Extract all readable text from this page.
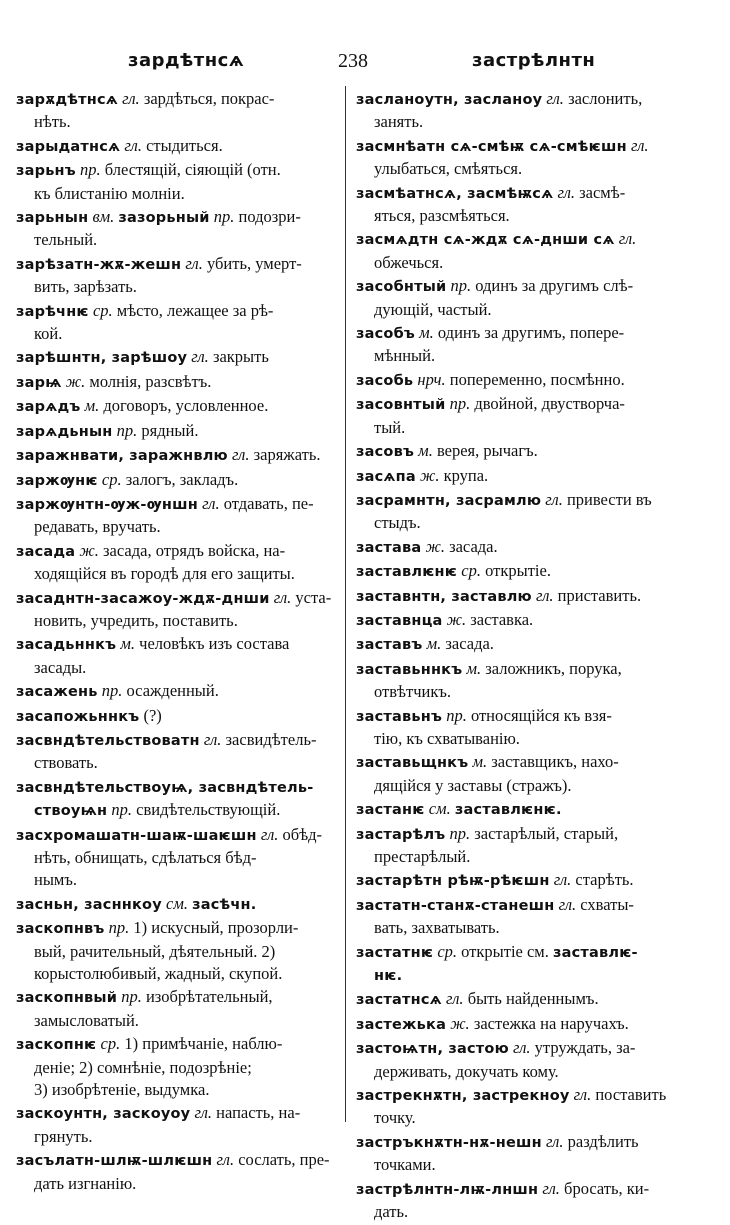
зардѣтнсѧ	238	застрѣлнтн
зарѫдѣтнсѧ гл. зардѣться, покрас-
нѣть.
зарыдатнсѧ гл. стыдиться.
зарьнъ пр. блестящій, сіяющій (отн.
къ блистанію молніи.
зарьнын вм. зазорьный пр. подозри-
тельный.
зарѣзатн-жѫ-жешн гл. убить, умерт-
вить, зарѣзать.
зарѣчнѥ ср. мѣсто, лежащее за рѣ-
кой.
зарѣшнтн, зарѣшоу гл. закрыть
зарѩ ж. молнія, разсвѣтъ.
зарѧдъ м. договоръ, условленное.
зарѧдьнын пр. рядный.
заражнвати, заражнвлю гл. заряжать.
заржѹнѥ ср. залогъ, закладъ.
заржѹнтн-ѹж-ѹншн гл. отдавать, пе-
редавать, вручать.
засада ж. засада, отрядъ войска, на-
ходящійся въ городѣ для его защиты.
засаднтн-засажоу-ждѫ-днши гл. уста-
новить, учредить, поставить.
засадьннкъ м. человѣкъ изъ состава
засады.
засажень пр. осажденный.
засапожьннкъ (?)
засвндѣтельствоватн гл. засвидѣтель-
ствовать.
засвндѣтельствоуѩ, засвндѣтель-
ствоуѩн пр. свидѣтельствующій.
засхромашатн-шаѭ-шаѥшн гл. обѣд-
нѣть, обнищать, сдѣлаться бѣд-
нымъ.
засньн, засннкоу см. засѣчн.
заскопнвъ пр. 1) искусный, прозорли-
вый, рачительный, дѣятельный. 2)
корыстолюбивый, жадный, скупой.
заскопнвый пр. изобрѣтательный,
замысловатый.
заскопнѥ ср. 1) примѣчаніе, наблю-
деніе; 2) сомнѣніе, подозрѣніе;
3) изобрѣтеніе, выдумка.
заскоунтн, заскоуоу гл. напасть, на-
грянуть.
засълатн-шлѭ-шлѥшн гл. сослать, пре-
дать изгнанію.
засланоутн, засланоу гл. заслонить,
занять.
засмнѣатн сѧ-смѣѭ сѧ-смѣѥшн гл.
улыбаться, смѣяться.
засмѣатнсѧ, засмѣѭсѧ гл. засмѣ-
яться, разсмѣяться.
засмѧдтн сѧ-ждѫ сѧ-днши сѧ гл.
обжечься.
засобнтый пр. одинъ за другимъ слѣ-
дующій, частый.
засобъ м. одинъ за другимъ, попере-
мѣнный.
засобь нрч. попеременно, посмѣнно.
засовнтый пр. двойной, двустворча-
тый.
засовъ м. верея, рычагъ.
засѧпа ж. крупа.
засрамнтн, засрамлю гл. привести въ
стыдъ.
застава ж. засада.
заставлѥнѥ ср. открытіе.
заставнтн, заставлю гл. приставить.
заставнца ж. заставка.
заставъ м. засада.
заставьннкъ м. заложникъ, порука,
отвѣтчикъ.
заставьнъ пр. относящійся къ взя-
тію, къ схватыванію.
заставьщнкъ м. заставщикъ, нахо-
дящійся у заставы (стражъ).
застанѥ см. заставлѥнѥ.
застарѣлъ пр. застарѣлый, старый,
престарѣлый.
застарѣтн рѣѭ-рѣѥшн гл. старѣть.
застатн-станѫ-станешн гл. схваты-
вать, захватывать.
застатнѥ ср. открытіе см. заставлѥ-
нѥ.
застатнсѧ гл. быть найденнымъ.
застежька ж. застежка на наручахъ.
застоѩтн, застою гл. утруждать, за-
держивать, докучать кому.
застрекнѫтн, застрекноу гл. поставить
точку.
застръкнѫтн-нѫ-нешн гл. раздѣлить
точками.
застрѣлнтн-лѭ-лншн гл. бросать, ки-
дать.
